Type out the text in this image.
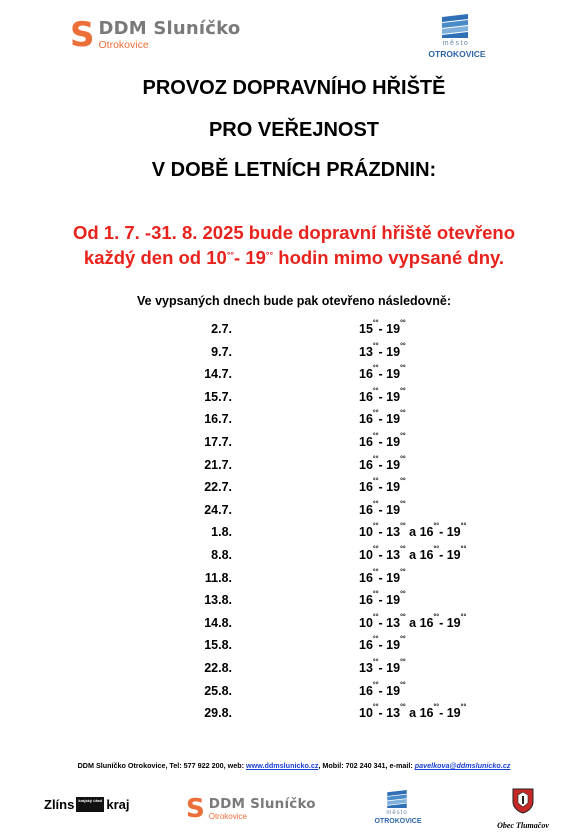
S DDM Sluníčko
Otrokovice	město
OTROKOVICE
PROVOZ DOPRAVNÍHO HŘIŠTĚ
PRO VEŘEJNOST
V DOBĚ LETNÍCH PRÁZDNIN:
Od 1. 7. -31. 8. 2025 bude dopravní hřiště otevřeno
každý den od 10°°- 19°° hodin mimo vypsané dny.
Ve vypsaných dnech bude pak otevřeno následovně:
2.7.	15°°- 19°°
9.7.	13°°- 19°°
14.7.	16°°- 19°°
15.7.	16°°- 19°°
16.7.	16°°- 19°°
17.7.	16°°- 19°°
21.7.	16°°- 19°°
22.7.	16°°- 19°°
24.7.	16°°- 19°°
1.8.	10°°- 13°° a 16°°- 19°°
8.8.	10°°- 13°° a 16°°- 19°°
11.8.	16°°- 19°°
13.8.	16°°- 19°°
14.8.	10°°- 13°° a 16°°- 19°°
15.8.	16°°- 19°°
22.8.	13°°- 19°°
25.8.	16°°- 19°°
29.8.	10°°- 13°° a 16°°- 19°°
DDM Sluníčko Otrokovice, Tel: 577 922 200, web: www.ddmslunicko.cz, Mobil: 702 240 341, e-mail: pavelkova@ddmslunicko.cz
Zlíns	krajský úřad kraj S DDM Sluníčko
Otrokovice	město
OTROKOVICE	Obec Tlumačov
